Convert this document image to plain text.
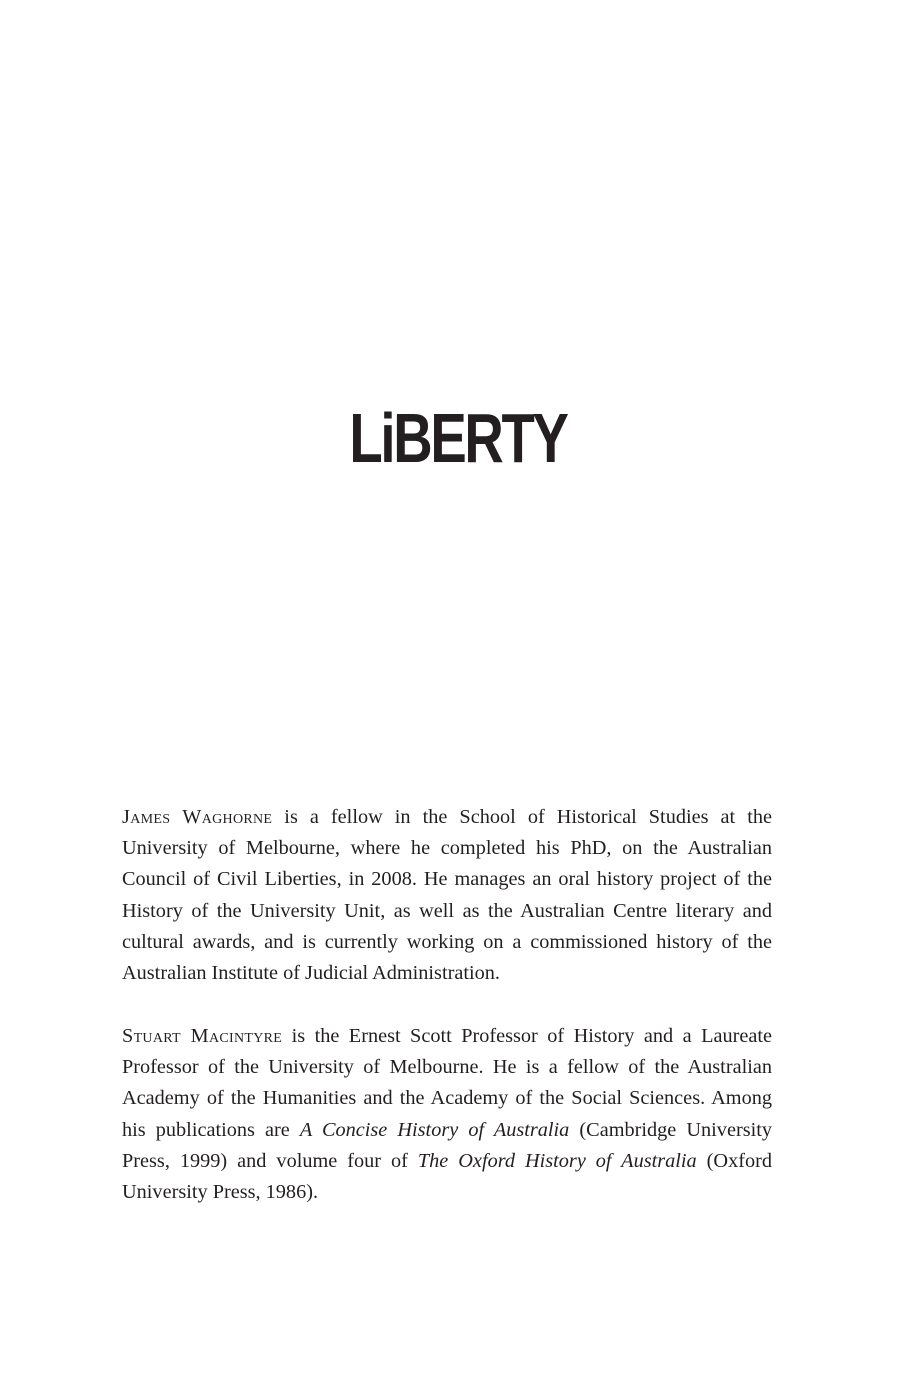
LiBERTY

James Waghorne is a fellow in the School of Historical Studies at the University of Melbourne, where he completed his PhD, on the Australian Council of Civil Liberties, in 2008. He manages an oral history project of the History of the University Unit, as well as the Australian Centre literary and cultural awards, and is currently working on a commissioned history of the Australian Institute of Judicial Administration.

Stuart Macintyre is the Ernest Scott Professor of History and a Laureate Professor of the University of Melbourne. He is a fellow of the Australian Academy of the Humanities and the Academy of the Social Sciences. Among his publications are A Concise History of Australia (Cambridge University Press, 1999) and volume four of The Oxford History of Australia (Oxford University Press, 1986).
